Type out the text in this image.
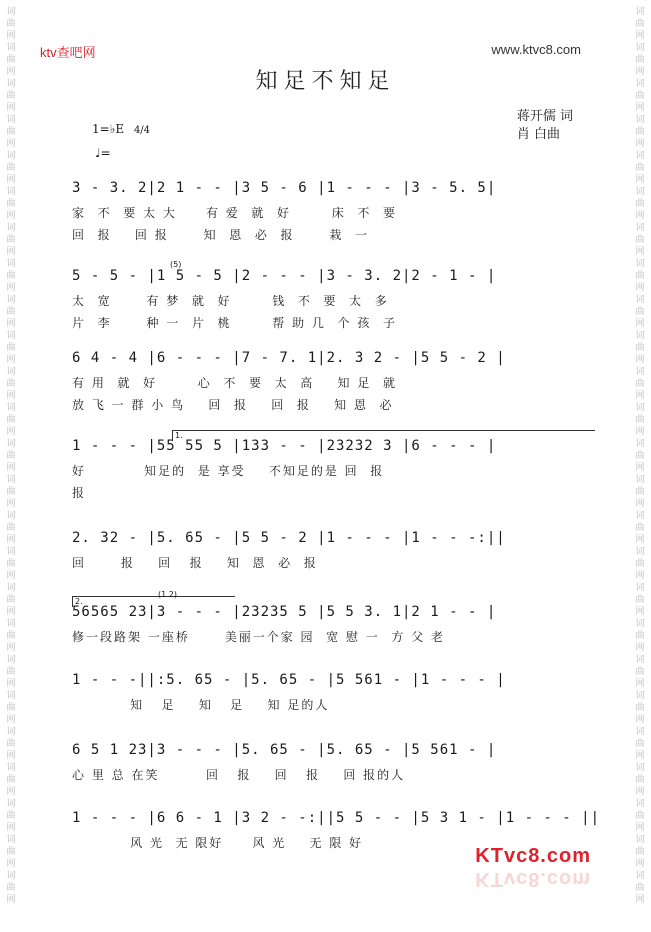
词
曲
网
词
曲
网
词
曲
网
词
曲
网
词
曲
网
词
曲
网
词
曲
网
词
曲
网
词
曲
网
词
曲
网
词
曲
网
词
曲
网
词
曲
网
词
曲
网
词
曲
网
词
曲
网
词
曲
网
词
曲
网
词
曲
网
词
曲
网
词
曲
网
词
曲
网
词
曲
网
词
曲
网
词
曲
网
词
曲
网
词
曲
网
词
曲
网
词
曲
网
词
曲
网
词
曲
网
词
曲
网
词
曲
网
词
曲
网
词
曲
网
词
曲
网
词
曲
网
词
曲
网
词
曲
网
词
曲
网
词
曲
网
词
曲
网
词
曲
网
词
曲
网
词
曲
网
词
曲
网
词
曲
网
词
曲
网
词
曲
网
词
曲
网
ktv查吧网	www.ktvc8.com
知足不知足
蒋开儒 词
肖 白曲
1=♭E 4/4
♩=
3 - 3. 2|2 1 - - |3 5 - 6 |1 - - - |3 - 5. 5|
家  不  要 太 大     有 爱  就  好       床  不  要
回  报    回 报      知  恩  必  报      栽  一
5 - 5 - |1 5 - 5 |2 - - - |3 - 3. 2|2 - 1 - |
太  宽      有 梦  就  好       钱  不  要  太  多
片  李      种 一  片  桃       帮 助 几  个 孩  子
(5)
6 4 - 4 |6 - - - |7 - 7. 1|2. 3 2 - |5 5 - 2 |
有 用  就  好       心  不  要  太  高    知 足  就
放 飞 一 群 小 鸟    回  报    回  报    知 恩  必
1 - - - |55 55 5 |133 - - |23232 3 |6 - - - |
好          知足的  是 享受    不知足的是 回  报
报
1.
2. 32 - |5. 65 - |5 5 - 2 |1 - - - |1 - - -:||
回      报    回   报    知  恩  必  报
56565 23|3 - - - |23235 5 |5 5 3. 1|2 1 - - |
修一段路架 一座桥      美丽一个家 园  宽 慰 一  方 父 老
2.
(1 2)
1 - - -||:5. 65 - |5. 65 - |5 561 - |1 - - - |
知   足    知   足    知 足的人
6 5 1 23|3 - - - |5. 65 - |5. 65 - |5 561 - |
心 里 总 在笑        回   报    回   报    回 报的人
1 - - - |6 6 - 1 |3 2 - -:||5 5 - - |5 3 1 - |1 - - - ||
风 光  无 限好     风 光    无 限 好
KTvc8.com
KTvc8.com
